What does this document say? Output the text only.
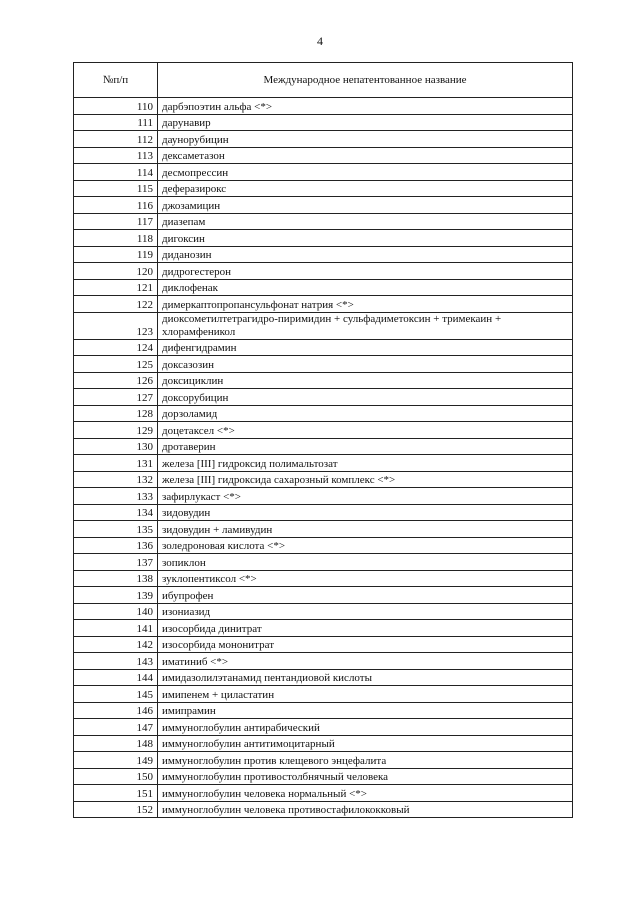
4
№п/п	Международное непатентованное название
110	дарбэпоэтин альфа <*>
111	дарунавир
112	даунорубицин
113	дексаметазон
114	десмопрессин
115	деферазирокс
116	джозамицин
117	диазепам
118	дигоксин
119	диданозин
120	дидрогестерон
121	диклофенак
122	димеркаптопропансульфонат натрия <*>
123	диоксометилтетрагидро-пиримидин + сульфадиметоксин + тримекаин + хлорамфеникол
124	дифенгидрамин
125	доксазозин
126	доксициклин
127	доксорубицин
128	дорзоламид
129	доцетаксел <*>
130	дротаверин
131	железа [III] гидроксид полимальтозат
132	железа [III] гидроксида сахарозный комплекс <*>
133	зафирлукаст <*>
134	зидовудин
135	зидовудин + ламивудин
136	золедроновая кислота <*>
137	зопиклон
138	зуклопентиксол <*>
139	ибупрофен
140	изониазид
141	изосорбида динитрат
142	изосорбида мононитрат
143	иматиниб <*>
144	имидазолилэтанамид пентандиовой кислоты
145	имипенем + циластатин
146	имипрамин
147	иммуноглобулин антирабический
148	иммуноглобулин антитимоцитарный
149	иммуноглобулин против клещевого энцефалита
150	иммуноглобулин противостолбнячный человека
151	иммуноглобулин человека нормальный <*>
152	иммуноглобулин человека противостафилококковый
